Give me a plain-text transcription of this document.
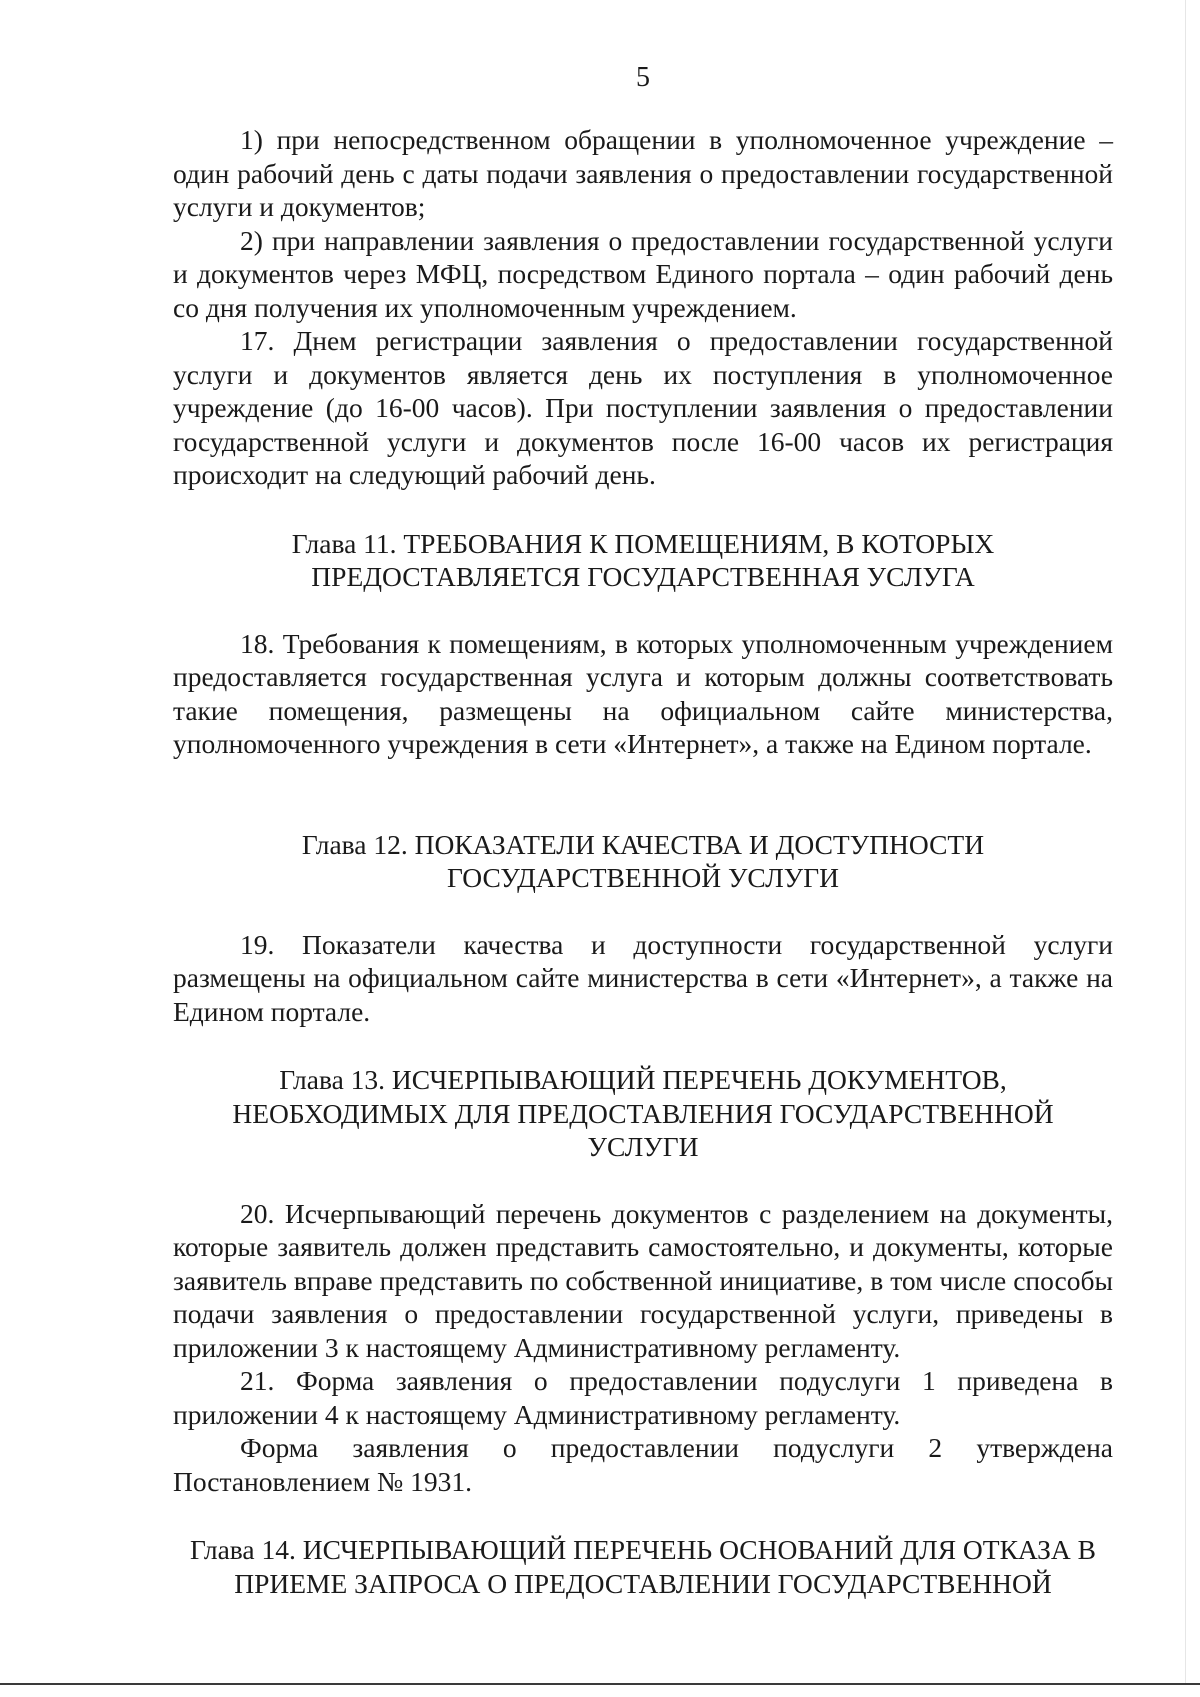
5

1) при непосредственном обращении в уполномоченное учреждение – один рабочий день с даты подачи заявления о предоставлении государственной услуги и документов;

2) при направлении заявления о предоставлении государственной услуги и документов через МФЦ, посредством Единого портала – один рабочий день со дня получения их уполномоченным учреждением.

17. Днем регистрации заявления о предоставлении государственной услуги и документов является день их поступления в уполномоченное учреждение (до 16-00 часов). При поступлении заявления о предоставлении государственной услуги и документов после 16-00 часов их регистрация происходит на следующий рабочий день.

Глава 11. ТРЕБОВАНИЯ К ПОМЕЩЕНИЯМ, В КОТОРЫХ
ПРЕДОСТАВЛЯЕТСЯ ГОСУДАРСТВЕННАЯ УСЛУГА

18. Требования к помещениям, в которых уполномоченным учреждением предоставляется государственная услуга и которым должны соответствовать такие помещения, размещены на официальном сайте министерства, уполномоченного учреждения в сети «Интернет», а также на Едином портале.

Глава 12. ПОКАЗАТЕЛИ КАЧЕСТВА И ДОСТУПНОСТИ
ГОСУДАРСТВЕННОЙ УСЛУГИ

19. Показатели качества и доступности государственной услуги размещены на официальном сайте министерства в сети «Интернет», а также на Едином портале.

Глава 13. ИСЧЕРПЫВАЮЩИЙ ПЕРЕЧЕНЬ ДОКУМЕНТОВ,
НЕОБХОДИМЫХ ДЛЯ ПРЕДОСТАВЛЕНИЯ ГОСУДАРСТВЕННОЙ
УСЛУГИ

20. Исчерпывающий перечень документов с разделением на документы, которые заявитель должен представить самостоятельно, и документы, которые заявитель вправе представить по собственной инициативе, в том числе способы подачи заявления о предоставлении государственной услуги, приведены в приложении 3 к настоящему Административному регламенту.

21. Форма заявления о предоставлении подуслуги 1 приведена в приложении 4 к настоящему Административному регламенту.

Форма заявления о предоставлении подуслуги 2 утверждена Постановлением № 1931.

Глава 14. ИСЧЕРПЫВАЮЩИЙ ПЕРЕЧЕНЬ ОСНОВАНИЙ ДЛЯ ОТКАЗА В
ПРИЕМЕ ЗАПРОСА О ПРЕДОСТАВЛЕНИИ ГОСУДАРСТВЕННОЙ
